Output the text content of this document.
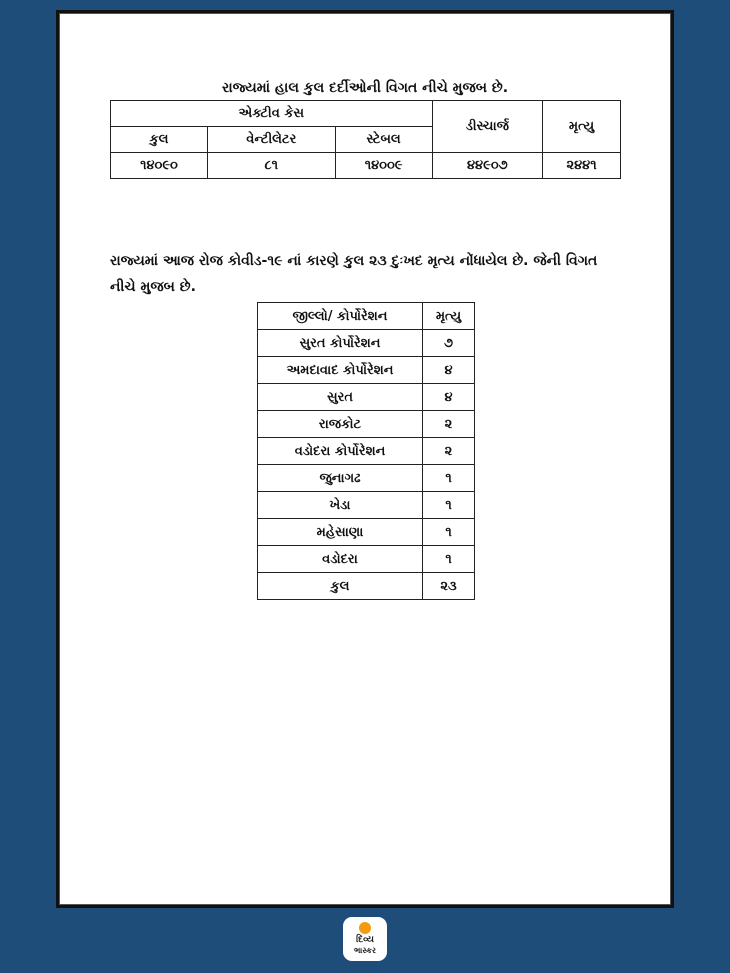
રાજ્યમાં હાલ કુલ દર્દીઓની વિગત નીચે મુજબ છે.
એક્ટીવ કેસ			ડીસ્ચાર્જ	મૃત્યુ
કુલ	વેન્ટીલેટર	સ્ટેબલ		
૧૪૦૯૦	૮૧	૧૪૦૦૯	૪૪૯૦૭	૨૪૪૧
રાજ્યમાં આજ રોજ કોવીડ-૧૯ નાં કારણે કુલ ૨૩ દુઃખદ મૃત્ય નોંધાયેલ છે. જેની વિગત નીચે મુજબ છે.
જીલ્લો/ કોર્પોરેશન	મૃત્યુ
સુરત કોર્પોરેશન	૭
અમદાવાદ કોર્પોરેશન	૪
સુરત	૪
રાજકોટ	૨
વડોદરા કોર્પોરેશન	૨
જુનાગઢ	૧
ખેડા	૧
મહેસાણા	૧
વડોદરા	૧
કુલ	૨૩
દિવ્ય
ભાસ્કર
